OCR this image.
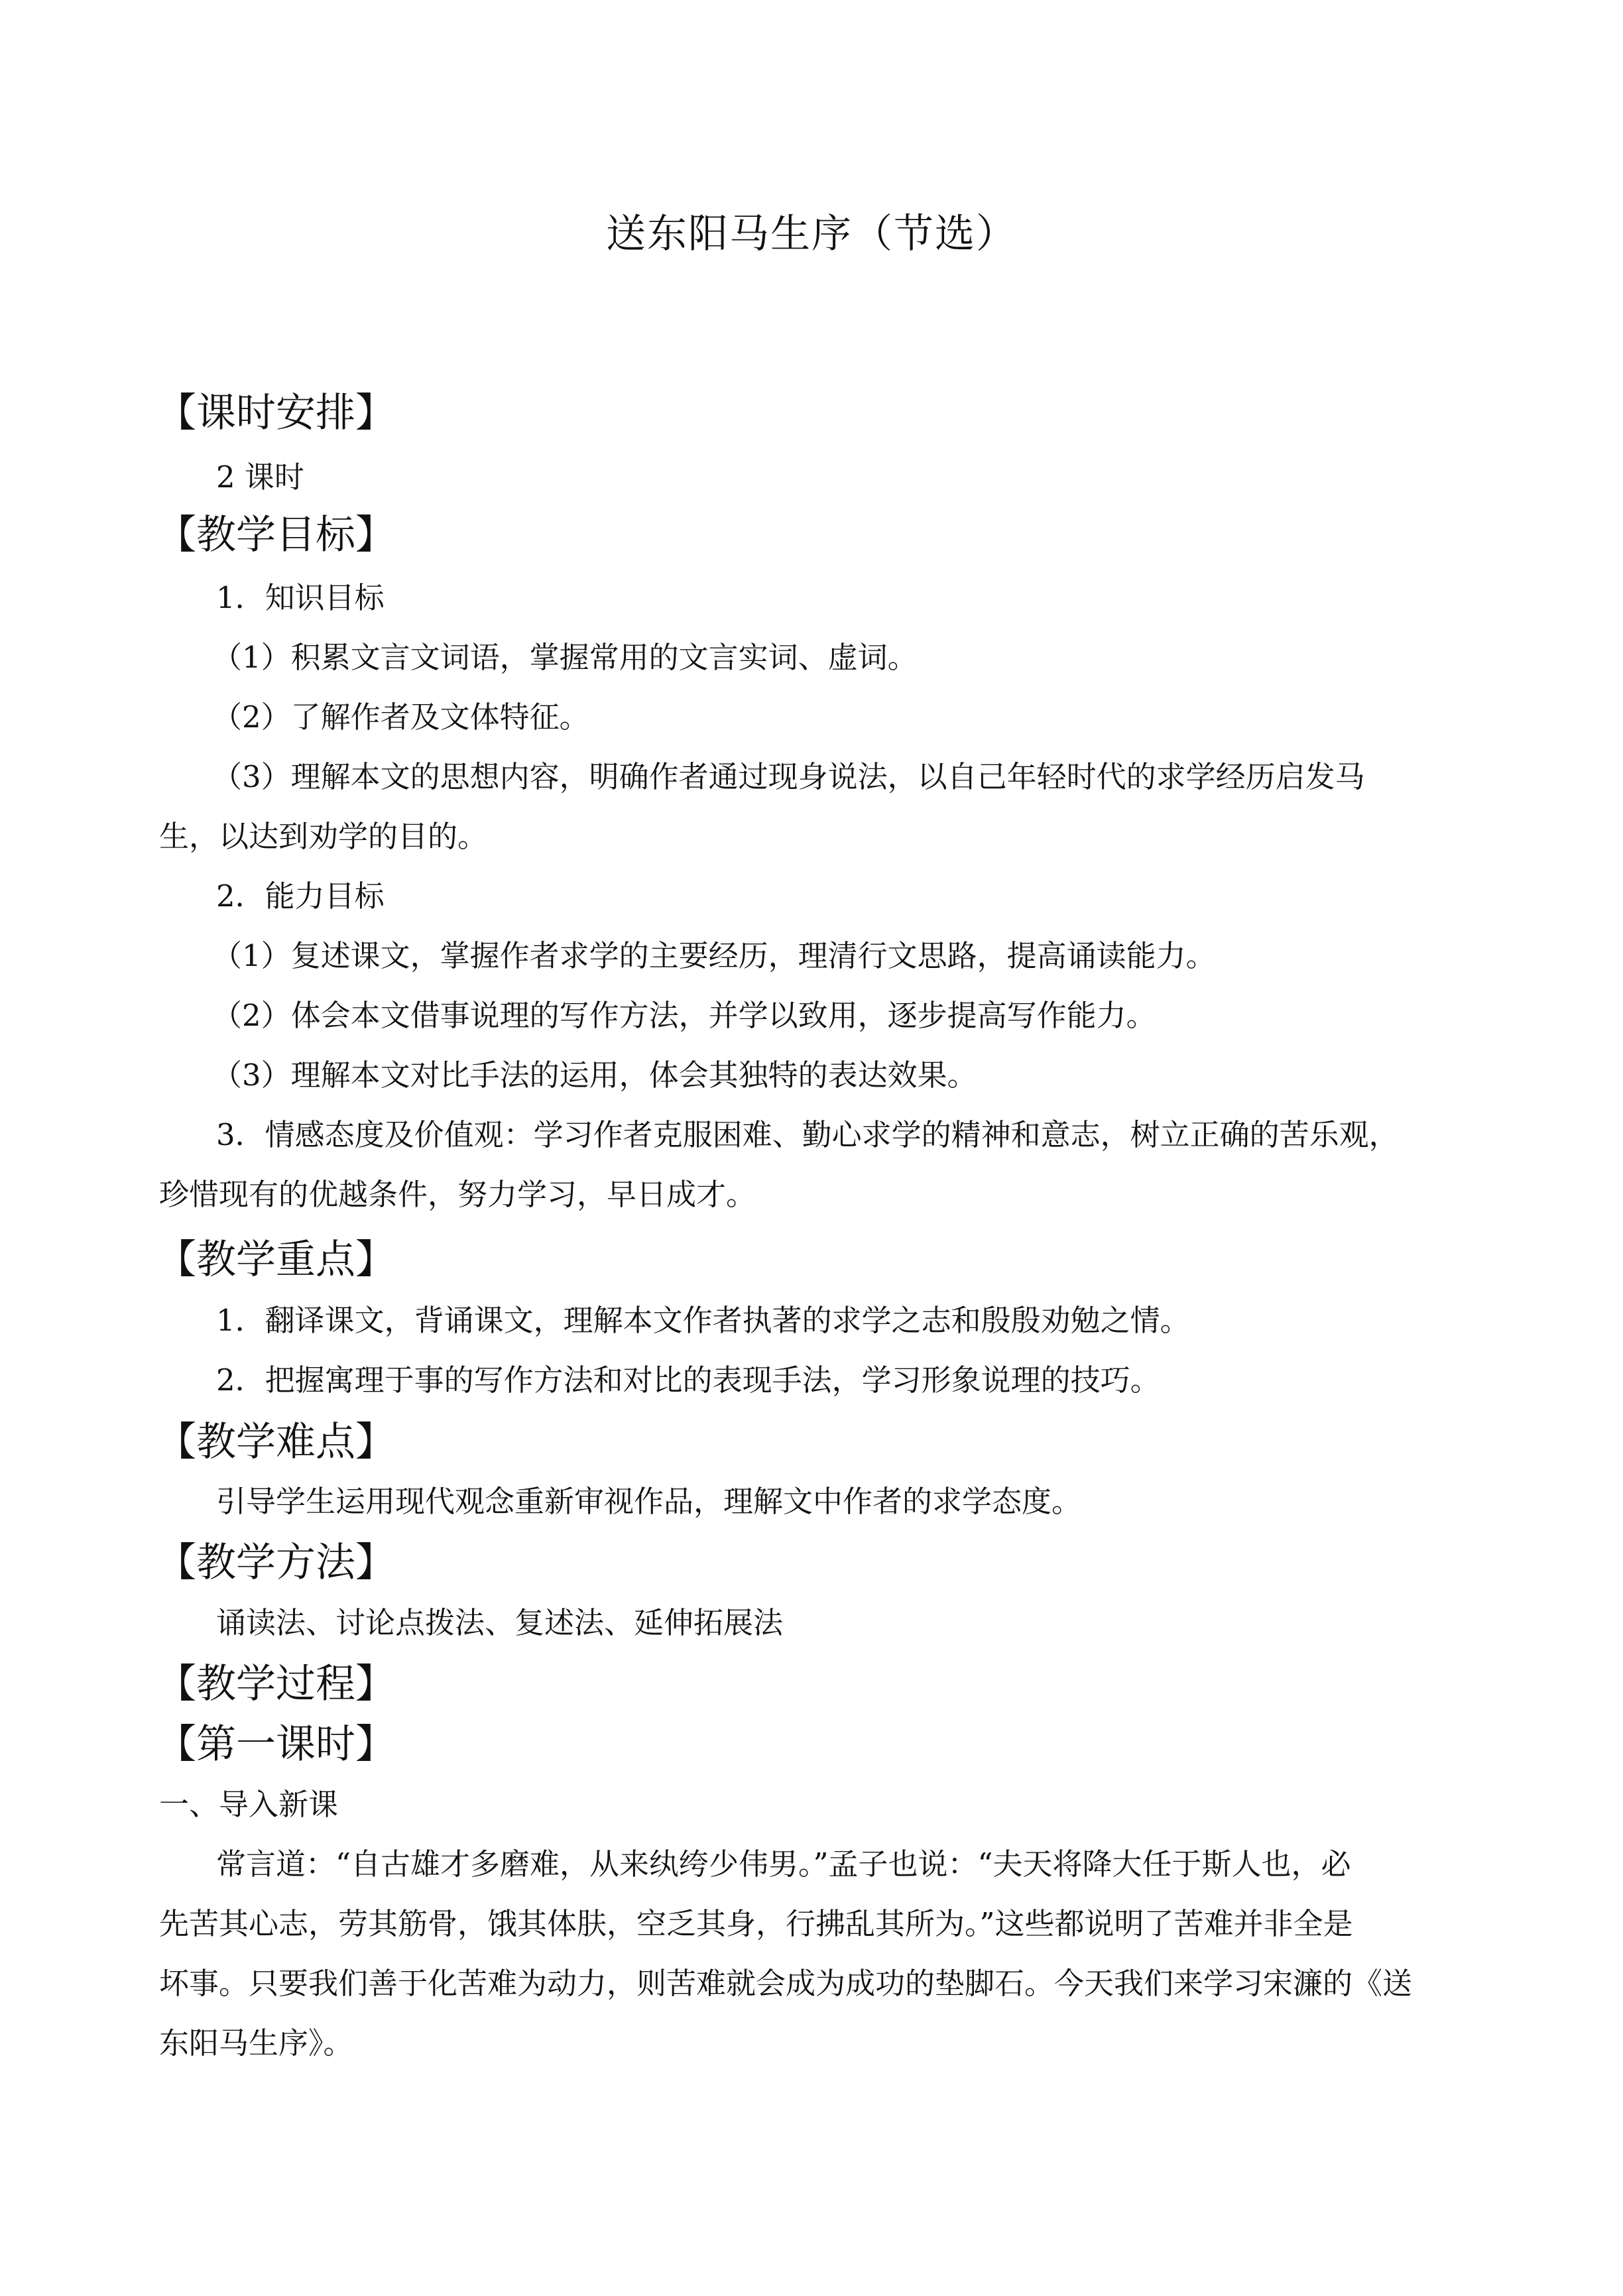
送东阳马生序（节选）
【课时安排】
2 课时
【教学目标】
1．知识目标
（1）积累文言文词语，掌握常用的文言实词、虚词。
（2）了解作者及文体特征。
（3）理解本文的思想内容，明确作者通过现身说法，以自己年轻时代的求学经历启发马
生，以达到劝学的目的。
2．能力目标
（1）复述课文，掌握作者求学的主要经历，理清行文思路，提高诵读能力。
（2）体会本文借事说理的写作方法，并学以致用，逐步提高写作能力。
（3）理解本文对比手法的运用，体会其独特的表达效果。
3．情感态度及价值观：学习作者克服困难、勤心求学的精神和意志，树立正确的苦乐观，
珍惜现有的优越条件，努力学习，早日成才。
【教学重点】
1．翻译课文，背诵课文，理解本文作者执著的求学之志和殷殷劝勉之情。
2．把握寓理于事的写作方法和对比的表现手法，学习形象说理的技巧。
【教学难点】
引导学生运用现代观念重新审视作品，理解文中作者的求学态度。
【教学方法】
诵读法、讨论点拨法、复述法、延伸拓展法
【教学过程】
【第一课时】
一、导入新课
常言道：“自古雄才多磨难，从来纨绔少伟男。”孟子也说：“夫天将降大任于斯人也，必
先苦其心志，劳其筋骨，饿其体肤，空乏其身，行拂乱其所为。”这些都说明了苦难并非全是
坏事。只要我们善于化苦难为动力，则苦难就会成为成功的垫脚石。今天我们来学习宋濂的《送
东阳马生序》。
